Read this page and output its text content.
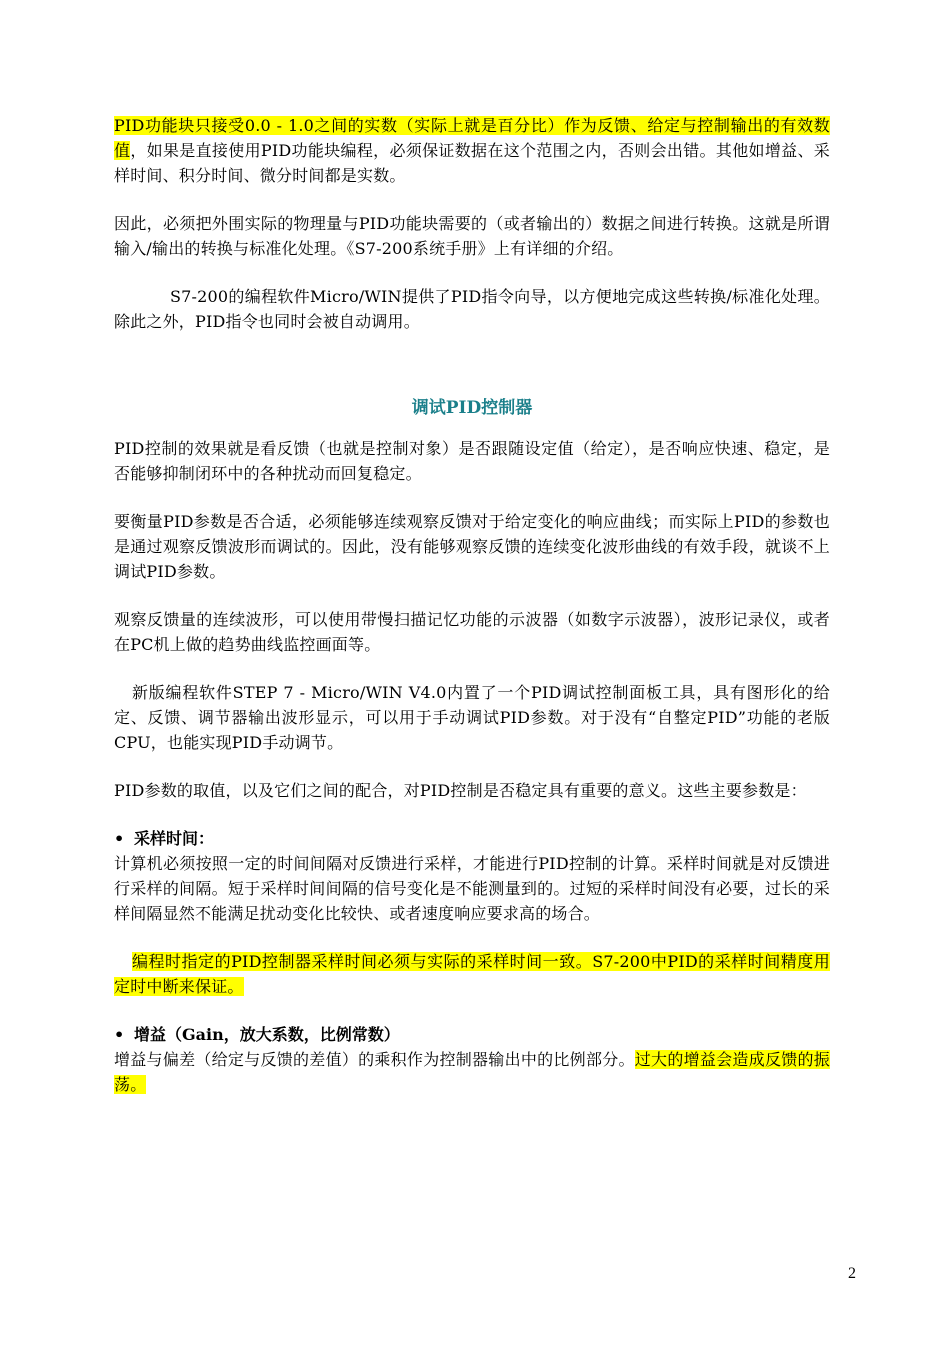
PID功能块只接受0.0 - 1.0之间的实数（实际上就是百分比）作为反馈、给定与控制输出的有效数值，如果是直接使用PID功能块编程，必须保证数据在这个范围之内，否则会出错。其他如增益、采样时间、积分时间、微分时间都是实数。

因此，必须把外围实际的物理量与PID功能块需要的（或者输出的）数据之间进行转换。这就是所谓输入/输出的转换与标准化处理。《S7-200系统手册》上有详细的介绍。

S7-200的编程软件Micro/WIN提供了PID指令向导，以方便地完成这些转换/标准化处理。除此之外，PID指令也同时会被自动调用。

调试PID控制器

PID控制的效果就是看反馈（也就是控制对象）是否跟随设定值（给定），是否响应快速、稳定，是否能够抑制闭环中的各种扰动而回复稳定。

要衡量PID参数是否合适，必须能够连续观察反馈对于给定变化的响应曲线；而实际上PID的参数也是通过观察反馈波形而调试的。因此，没有能够观察反馈的连续变化波形曲线的有效手段，就谈不上调试PID参数。

观察反馈量的连续波形，可以使用带慢扫描记忆功能的示波器（如数字示波器），波形记录仪，或者在PC机上做的趋势曲线监控画面等。

新版编程软件STEP 7 - Micro/WIN V4.0内置了一个PID调试控制面板工具，具有图形化的给定、反馈、调节器输出波形显示，可以用于手动调试PID参数。对于没有“自整定PID”功能的老版CPU，也能实现PID手动调节。

PID参数的取值，以及它们之间的配合，对PID控制是否稳定具有重要的意义。这些主要参数是：

• 采样时间：

计算机必须按照一定的时间间隔对反馈进行采样，才能进行PID控制的计算。采样时间就是对反馈进行采样的间隔。短于采样时间间隔的信号变化是不能测量到的。过短的采样时间没有必要，过长的采样间隔显然不能满足扰动变化比较快、或者速度响应要求高的场合。

编程时指定的PID控制器采样时间必须与实际的采样时间一致。S7-200中PID的采样时间精度用定时中断来保证。

• 增益（Gain，放大系数，比例常数）

增益与偏差（给定与反馈的差值）的乘积作为控制器输出中的比例部分。过大的增益会造成反馈的振荡。

2
